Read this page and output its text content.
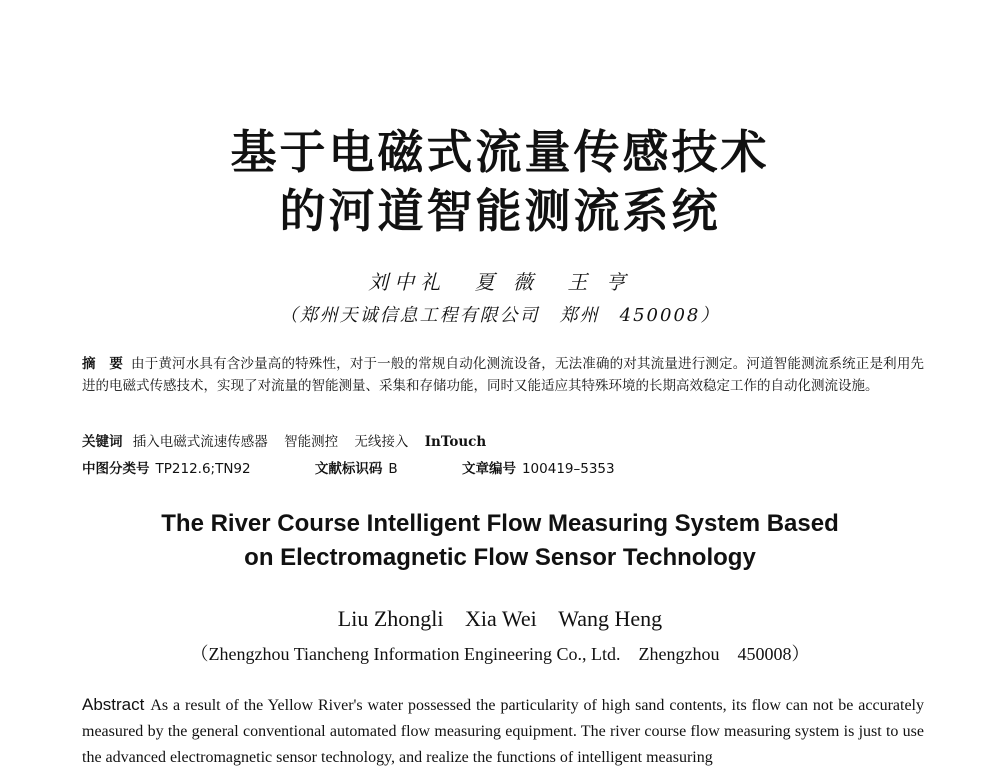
基于电磁式流量传感技术
的河道智能测流系统

刘中礼 夏 薇 王 亨

（郑州天诚信息工程有限公司　郑州　450008）

摘　要 由于黄河水具有含沙量高的特殊性，对于一般的常规自动化测流设备，无法准确的对其流量进行测定。河道智能测流系统正是利用先进的电磁式传感技术，实现了对流量的智能测量、采集和存储功能，同时又能适应其特殊环境的长期高效稳定工作的自动化测流设施。

关键词 插入电磁式流速传感器 智能测控 无线接入 InTouch

中图分类号 TP212.6;TN92	文献标识码 B	文章编号 100419–5353

The River Course Intelligent Flow Measuring System Based
on Electromagnetic Flow Sensor Technology

Liu Zhongli Xia Wei Wang Heng

（Zhengzhou Tiancheng Information Engineering Co., Ltd.　Zhengzhou　450008）

Abstract As a result of the Yellow River's water possessed the particularity of high sand contents, its flow can not be accurately measured by the general conventional automated flow measuring equipment. The river course flow measuring system is just to use the advanced electromagnetic sensor technology, and realize the functions of intelligent measuring
